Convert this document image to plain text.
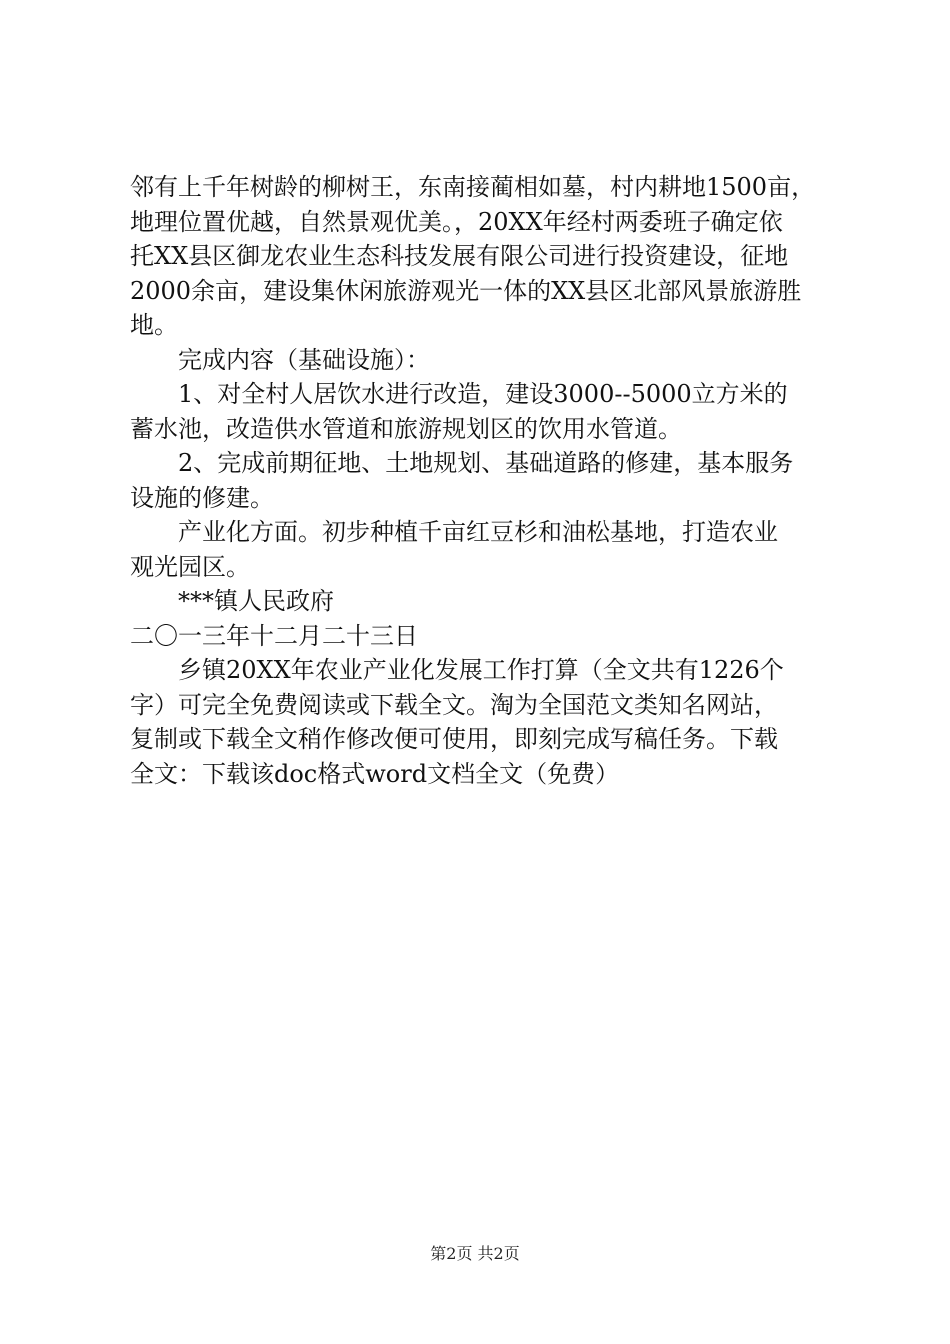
邻有上千年树龄的柳树王，东南接蔺相如墓，村内耕地1500亩，
地理位置优越，自然景观优美。，20XX年经村两委班子确定依
托XX县区御龙农业生态科技发展有限公司进行投资建设，征地
2000余亩，建设集休闲旅游观光一体的XX县区北部风景旅游胜
地。
完成内容（基础设施）：
1、对全村人居饮水进行改造，建设3000--5000立方米的
蓄水池，改造供水管道和旅游规划区的饮用水管道。
2、完成前期征地、土地规划、基础道路的修建，基本服务
设施的修建。
产业化方面。初步种植千亩红豆杉和油松基地，打造农业
观光园区。
***镇人民政府
二〇一三年十二月二十三日
乡镇20XX年农业产业化发展工作打算（全文共有1226个
字）可完全免费阅读或下载全文。淘为全国范文类知名网站，
复制或下载全文稍作修改便可使用，即刻完成写稿任务。下载
全文：下载该doc格式word文档全文（免费）
第2页 共2页
